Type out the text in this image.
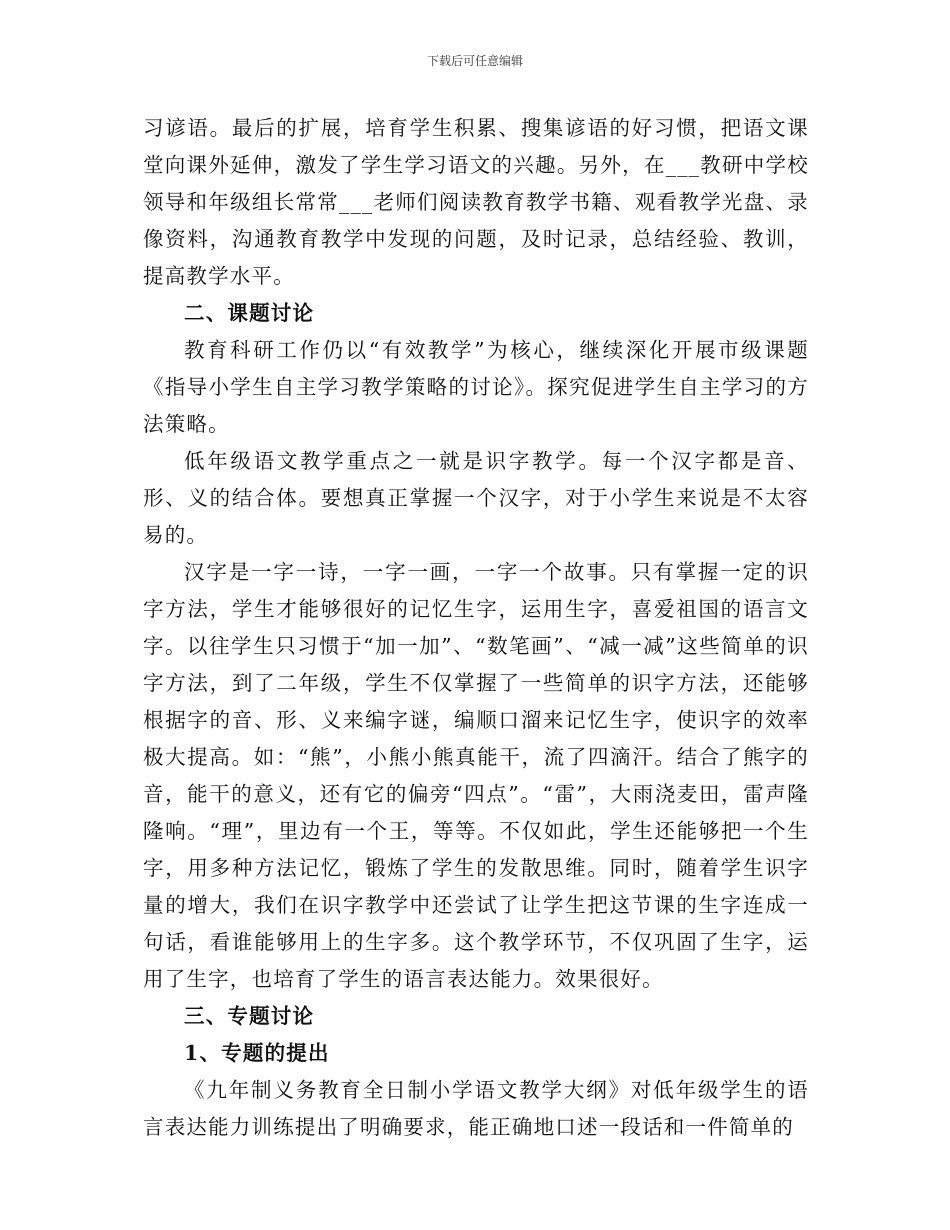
下载后可任意编辑

习谚语。最后的扩展，培育学生积累、搜集谚语的好习惯，把语文课堂向课外延伸，激发了学生学习语文的兴趣。另外，在___教研中学校领导和年级组长常常___老师们阅读教育教学书籍、观看教学光盘、录像资料，沟通教育教学中发现的问题，及时记录，总结经验、教训，提高教学水平。

二、课题讨论

教育科研工作仍以“有效教学”为核心，继续深化开展市级课题《指导小学生自主学习教学策略的讨论》。探究促进学生自主学习的方法策略。

低年级语文教学重点之一就是识字教学。每一个汉字都是音、形、义的结合体。要想真正掌握一个汉字，对于小学生来说是不太容易的。

汉字是一字一诗，一字一画，一字一个故事。只有掌握一定的识字方法，学生才能够很好的记忆生字，运用生字，喜爱祖国的语言文字。以往学生只习惯于“加一加”、“数笔画”、“减一减”这些简单的识字方法，到了二年级，学生不仅掌握了一些简单的识字方法，还能够根据字的音、形、义来编字谜，编顺口溜来记忆生字，使识字的效率极大提高。如：“熊”，小熊小熊真能干，流了四滴汗。结合了熊字的音，能干的意义，还有它的偏旁“四点”。“雷”，大雨浇麦田，雷声隆隆响。“理”，里边有一个王，等等。不仅如此，学生还能够把一个生字，用多种方法记忆，锻炼了学生的发散思维。同时，随着学生识字量的增大，我们在识字教学中还尝试了让学生把这节课的生字连成一句话，看谁能够用上的生字多。这个教学环节，不仅巩固了生字，运用了生字，也培育了学生的语言表达能力。效果很好。

三、专题讨论

1、专题的提出

《九年制义务教育全日制小学语文教学大纲》对低年级学生的语言表达能力训练提出了明确要求，能正确地口述一段话和一件简单的
